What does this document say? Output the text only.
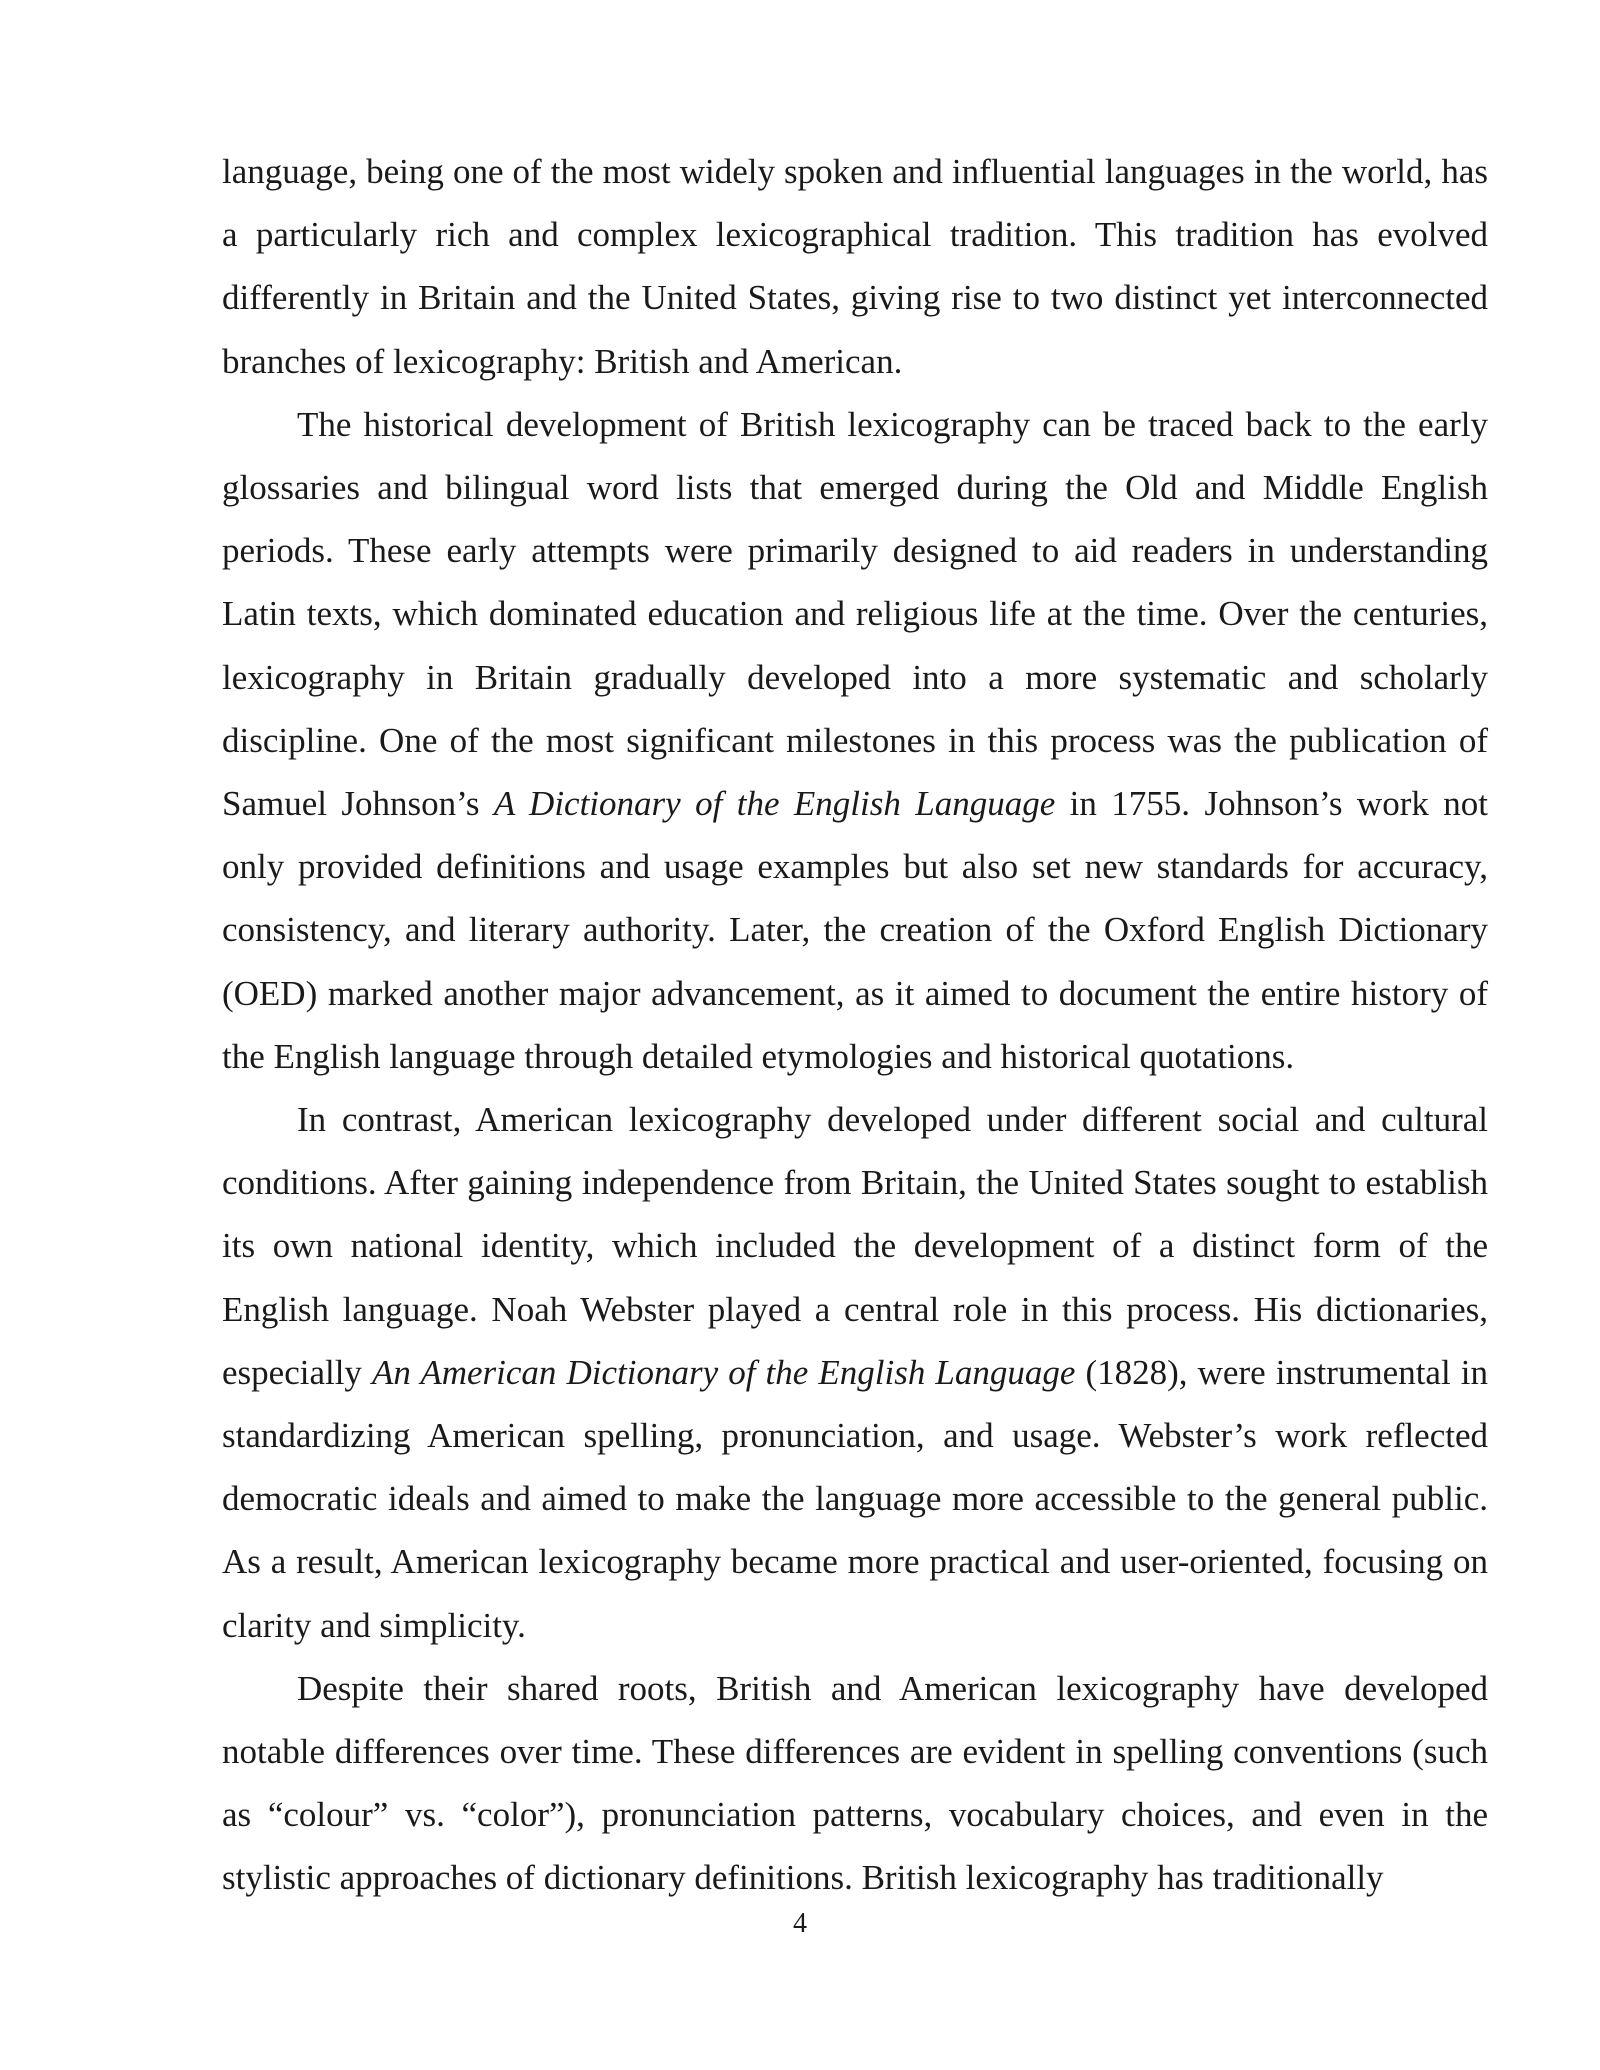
language, being one of the most widely spoken and influential languages in the world, has a particularly rich and complex lexicographical tradition. This tradition has evolved differently in Britain and the United States, giving rise to two distinct yet interconnected branches of lexicography: British and American.

The historical development of British lexicography can be traced back to the early glossaries and bilingual word lists that emerged during the Old and Middle English periods. These early attempts were primarily designed to aid readers in understanding Latin texts, which dominated education and religious life at the time. Over the centuries, lexicography in Britain gradually developed into a more systematic and scholarly discipline. One of the most significant milestones in this process was the publication of Samuel Johnson’s A Dictionary of the English Language in 1755. Johnson’s work not only provided definitions and usage examples but also set new standards for accuracy, consistency, and literary authority. Later, the creation of the Oxford English Dictionary (OED) marked another major advancement, as it aimed to document the entire history of the English language through detailed etymologies and historical quotations.

In contrast, American lexicography developed under different social and cultural conditions. After gaining independence from Britain, the United States sought to establish its own national identity, which included the development of a distinct form of the English language. Noah Webster played a central role in this process. His dictionaries, especially An American Dictionary of the English Language (1828), were instrumental in standardizing American spelling, pronunciation, and usage. Webster’s work reflected democratic ideals and aimed to make the language more accessible to the general public. As a result, American lexicography became more practical and user-oriented, focusing on clarity and simplicity.

Despite their shared roots, British and American lexicography have developed notable differences over time. These differences are evident in spelling conventions (such as “colour” vs. “color”), pronunciation patterns, vocabulary choices, and even in the stylistic approaches of dictionary definitions. British lexicography has traditionally

4
